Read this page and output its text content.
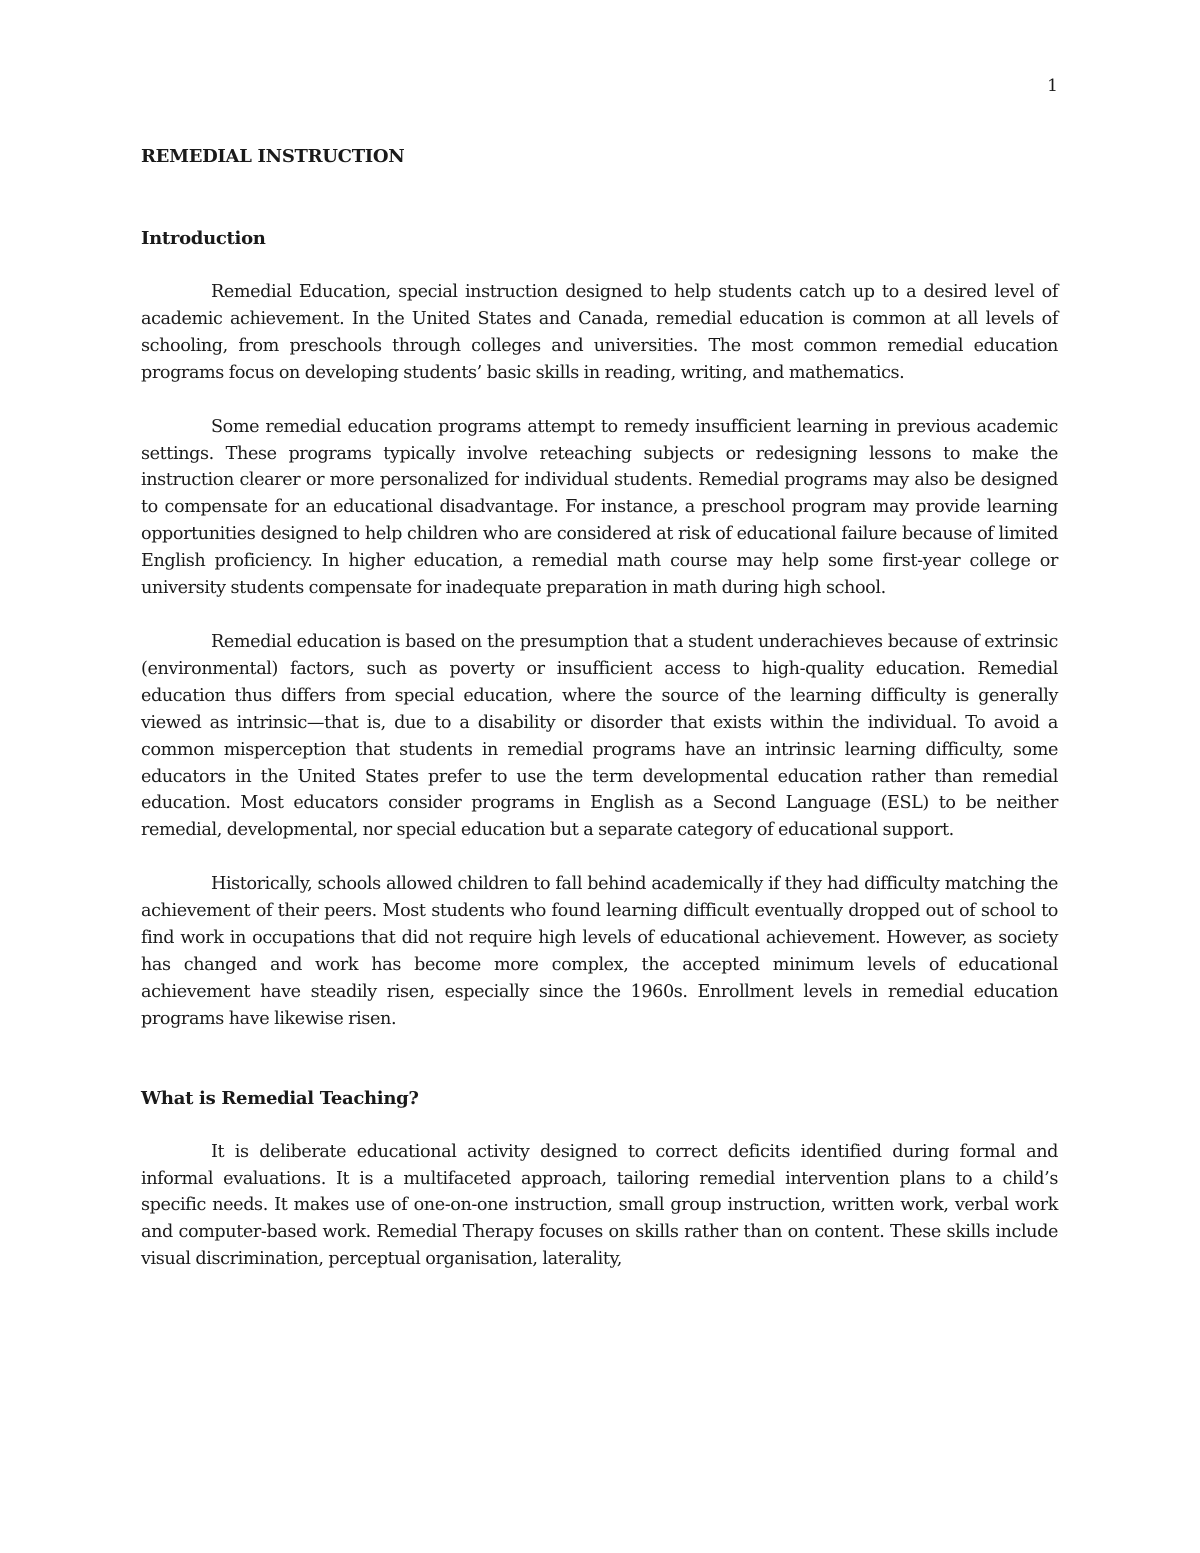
1
REMEDIAL INSTRUCTION
Introduction

Remedial Education, special instruction designed to help students catch up to a desired level of academic achievement. In the United States and Canada, remedial education is common at all levels of schooling, from preschools through colleges and universities. The most common remedial education programs focus on developing students’ basic skills in reading, writing, and mathematics.

Some remedial education programs attempt to remedy insufficient learning in previous academic settings. These programs typically involve reteaching subjects or redesigning lessons to make the instruction clearer or more personalized for individual students. Remedial programs may also be designed to compensate for an educational disadvantage. For instance, a preschool program may provide learning opportunities designed to help children who are considered at risk of educational failure because of limited English proficiency. In higher education, a remedial math course may help some first-year college or university students compensate for inadequate preparation in math during high school.

Remedial education is based on the presumption that a student underachieves because of extrinsic (environmental) factors, such as poverty or insufficient access to high-quality education. Remedial education thus differs from special education, where the source of the learning difficulty is generally viewed as intrinsic—that is, due to a disability or disorder that exists within the individual. To avoid a common misperception that students in remedial programs have an intrinsic learning difficulty, some educators in the United States prefer to use the term developmental education rather than remedial education. Most educators consider programs in English as a Second Language (ESL) to be neither remedial, developmental, nor special education but a separate category of educational support.

Historically, schools allowed children to fall behind academically if they had difficulty matching the achievement of their peers. Most students who found learning difficult eventually dropped out of school to find work in occupations that did not require high levels of educational achievement. However, as society has changed and work has become more complex, the accepted minimum levels of educational achievement have steadily risen, especially since the 1960s. Enrollment levels in remedial education programs have likewise risen.

What is Remedial Teaching?

It is deliberate educational activity designed to correct deficits identified during formal and informal evaluations. It is a multifaceted approach, tailoring remedial intervention plans to a child’s specific needs. It makes use of one-on-one instruction, small group instruction, written work, verbal work and computer-based work. Remedial Therapy focuses on skills rather than on content. These skills include visual discrimination, perceptual organisation, laterality,
